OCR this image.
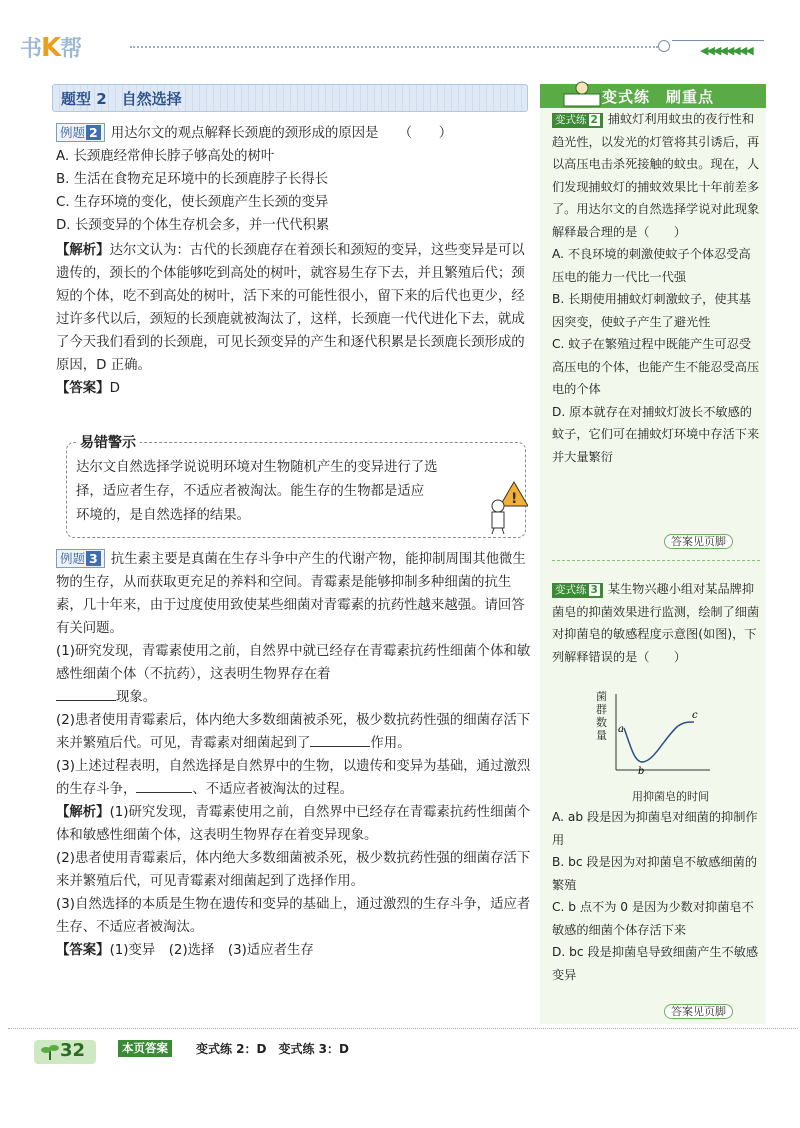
书K帮	◀◀◀◀◀◀◀◀
题型 2　自然选择

例题 2 用达尔文的观点解释长颈鹿的颈形成的原因是　　（　　）

A. 长颈鹿经常伸长脖子够高处的树叶

B. 生活在食物充足环境中的长颈鹿脖子长得长

C. 生存环境的变化，使长颈鹿产生长颈的变异

D. 长颈变异的个体生存机会多，并一代代积累

【解析】达尔文认为：古代的长颈鹿存在着颈长和颈短的变异，这些变异是可以遗传的，颈长的个体能够吃到高处的树叶，就容易生存下去，并且繁殖后代；颈短的个体，吃不到高处的树叶，活下来的可能性很小，留下来的后代也更少，经过许多代以后，颈短的长颈鹿就被淘汰了，这样，长颈鹿一代代进化下去，就成了今天我们看到的长颈鹿，可见长颈变异的产生和逐代积累是长颈鹿长颈形成的原因，D 正确。

【答案】D

易错警示
达尔文自然选择学说说明环境对生物随机产生的变异进行了选
择，适应者生存，不适应者被淘汰。能生存的生物都是适应
环境的，是自然选择的结果。
!

例题 3 抗生素主要是真菌在生存斗争中产生的代谢产物，能抑制周围其他微生物的生存，从而获取更充足的养料和空间。青霉素是能够抑制多种细菌的抗生素，几十年来，由于过度使用致使某些细菌对青霉素的抗药性越来越强。请回答有关问题。

(1)研究发现，青霉素使用之前，自然界中就已经存在青霉素抗药性细菌个体和敏感性细菌个体（不抗药），这表明生物界存在着
现象。

(2)患者使用青霉素后，体内绝大多数细菌被杀死，极少数抗药性强的细菌存活下来并繁殖后代。可见，青霉素对细菌起到了	作用。

(3)上述过程表明，自然选择是自然界中的生物，以遗传和变异为基础，通过激烈的生存斗争，	、不适应者被淘汰的过程。

【解析】(1)研究发现，青霉素使用之前，自然界中已经存在青霉素抗药性细菌个体和敏感性细菌个体，这表明生物界存在着变异现象。

(2)患者使用青霉素后，体内绝大多数细菌被杀死，极少数抗药性强的细菌存活下来并繁殖后代，可见青霉素对细菌起到了选择作用。

(3)自然选择的本质是生物在遗传和变异的基础上，通过激烈的生存斗争，适应者生存、不适应者被淘汰。

【答案】(1)变异　(2)选择　(3)适应者生存

变式练　刷重点

变式练 2 捕蚊灯利用蚊虫的夜行性和趋光性，以发光的灯管将其引诱后，再以高压电击杀死接触的蚊虫。现在，人们发现捕蚊灯的捕蚊效果比十年前差多了。用达尔文的自然选择学说对此现象解释最合理的是（　　）

A. 不良环境的刺激使蚊子个体忍受高压电的能力一代比一代强

B. 长期使用捕蚊灯刺激蚊子，使其基因突变，使蚊子产生了避光性

C. 蚊子在繁殖过程中既能产生可忍受高压电的个体，也能产生不能忍受高压电的个体

D. 原本就存在对捕蚊灯波长不敏感的蚊子，它们可在捕蚊灯环境中存活下来并大量繁衍

答案见页脚

变式练 3 某生物兴趣小组对某品牌抑菌皂的抑菌效果进行监测，绘制了细菌对抑菌皂的敏感程度示意图(如图)，下列解释错误的是（　　）

菌群数量 a
b
c
用抑菌皂的时间

A. ab 段是因为抑菌皂对细菌的抑制作用

B. bc 段是因为对抑菌皂不敏感细菌的繁殖

C. b 点不为 0 是因为少数对抑菌皂不敏感的细菌个体存活下来

D. bc 段是抑菌皂导致细菌产生不敏感变异

答案见页脚
32	本页答案	变式练 2：D　变式练 3：D
